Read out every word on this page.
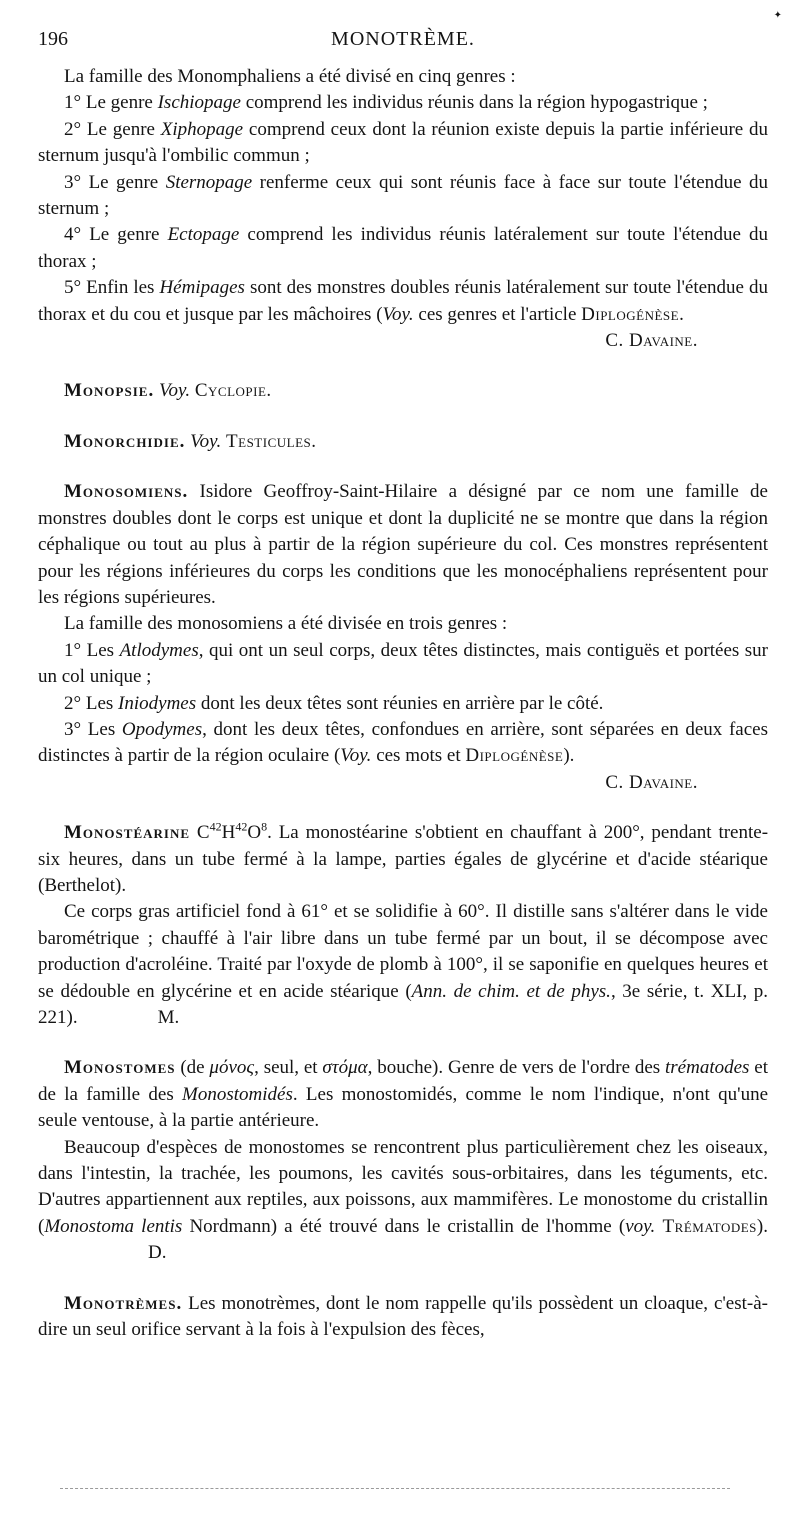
✦
196	MONOTRÈME.

La famille des Monomphaliens a été divisé en cinq genres :

1° Le genre Ischiopage comprend les individus réunis dans la région hypogastrique ;

2° Le genre Xiphopage comprend ceux dont la réunion existe depuis la partie inférieure du sternum jusqu'à l'ombilic commun ;

3° Le genre Sternopage renferme ceux qui sont réunis face à face sur toute l'étendue du sternum ;

4° Le genre Ectopage comprend les individus réunis latéralement sur toute l'étendue du thorax ;

5° Enfin les Hémipages sont des monstres doubles réunis latéralement sur toute l'étendue du thorax et du cou et jusque par les mâchoires (Voy. ces genres et l'article Diplogénèse.

C. Davaine.

Monopsie. Voy. Cyclopie.

Monorchidie. Voy. Testicules.

Monosomiens. Isidore Geoffroy-Saint-Hilaire a désigné par ce nom une famille de monstres doubles dont le corps est unique et dont la duplicité ne se montre que dans la région céphalique ou tout au plus à partir de la région supérieure du col. Ces monstres représentent pour les régions inférieures du corps les conditions que les monocéphaliens représentent pour les régions supérieures.

La famille des monosomiens a été divisée en trois genres :

1° Les Atlodymes, qui ont un seul corps, deux têtes distinctes, mais contiguës et portées sur un col unique ;

2° Les Iniodymes dont les deux têtes sont réunies en arrière par le côté.

3° Les Opodymes, dont les deux têtes, confondues en arrière, sont séparées en deux faces distinctes à partir de la région oculaire (Voy. ces mots et Diplogénèse).

C. Davaine.

Monostéarine $C^{42}H^{42}O^8$. La monostéarine s'obtient en chauffant à 200°, pendant trente-six heures, dans un tube fermé à la lampe, parties égales de glycérine et d'acide stéarique (Berthelot).

Ce corps gras artificiel fond à 61° et se solidifie à 60°. Il distille sans s'altérer dans le vide barométrique ; chauffé à l'air libre dans un tube fermé par un bout, il se décompose avec production d'acroléine. Traité par l'oxyde de plomb à 100°, il se saponifie en quelques heures et se dédouble en glycérine et en acide stéarique (Ann. de chim. et de phys., 3e série, t. XLI, p. 221).	M.

Monostomes (de μόνος, seul, et στόμα, bouche). Genre de vers de l'ordre des trématodes et de la famille des Monostomidés. Les monostomidés, comme le nom l'indique, n'ont qu'une seule ventouse, à la partie antérieure.

Beaucoup d'espèces de monostomes se rencontrent plus particulièrement chez les oiseaux, dans l'intestin, la trachée, les poumons, les cavités sous-orbitaires, dans les téguments, etc. D'autres appartiennent aux reptiles, aux poissons, aux mammifères. Le monostome du cristallin (Monostoma lentis Nordmann) a été trouvé dans le cristallin de l'homme (voy. Trématodes).D.

Monotrèmes. Les monotrèmes, dont le nom rappelle qu'ils possèdent un cloaque, c'est-à-dire un seul orifice servant à la fois à l'expulsion des fèces,
